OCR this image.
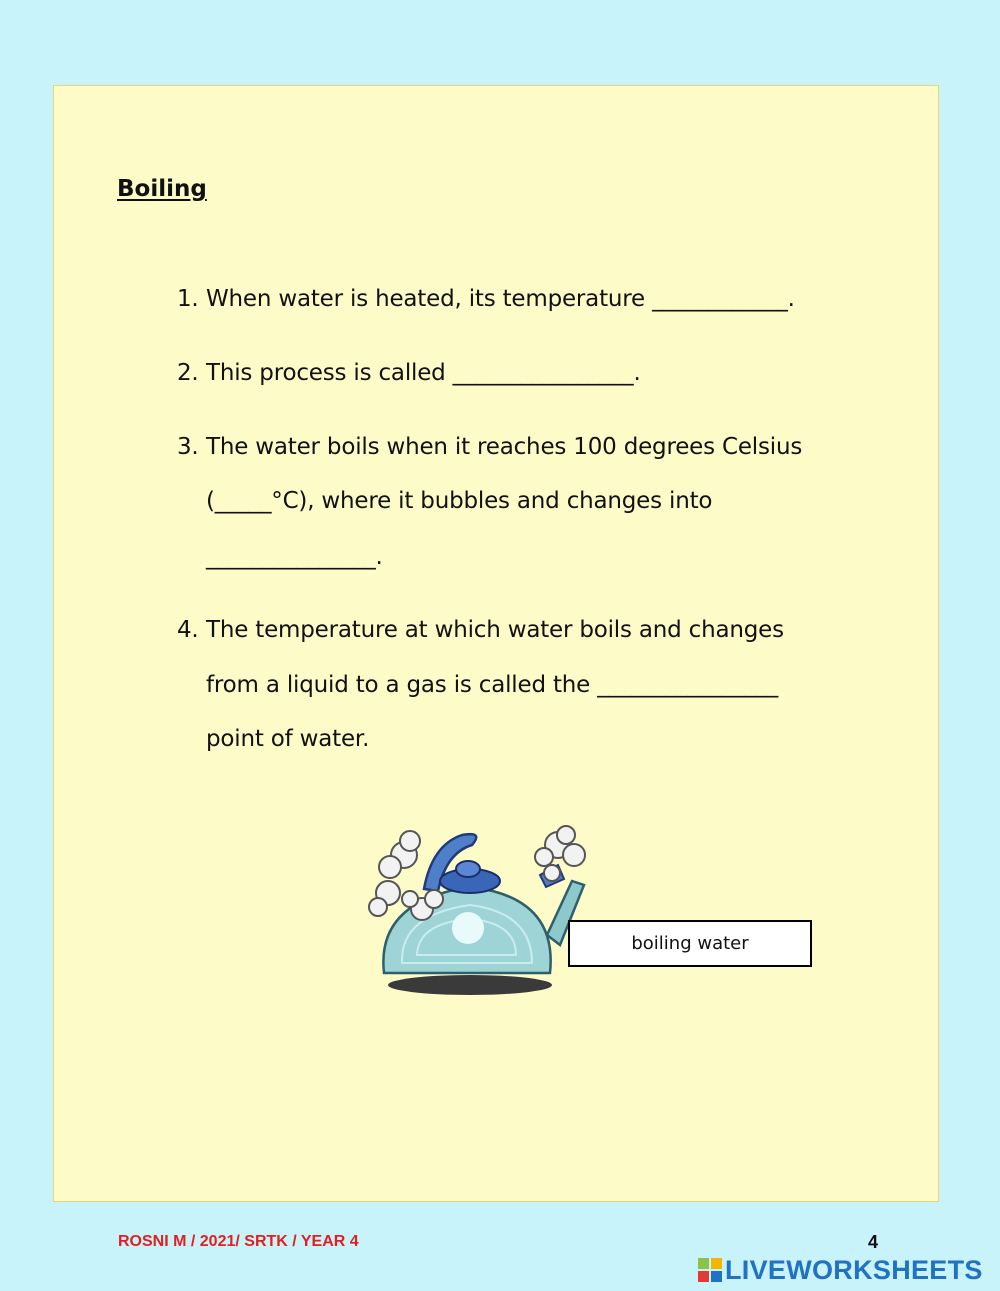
Boiling
1. When water is heated, its temperature ____________.
2. This process is called ________________.
3. The water boils when it reaches 100 degrees Celsius
(_____°C), where it bubbles and changes into
_______________.
4. The temperature at which water boils and changes
from a liquid to a gas is called the ________________
point of water.
boiling water
ROSNI M / 2021/ SRTK / YEAR 4	4
LIVEWORKSHEETS
